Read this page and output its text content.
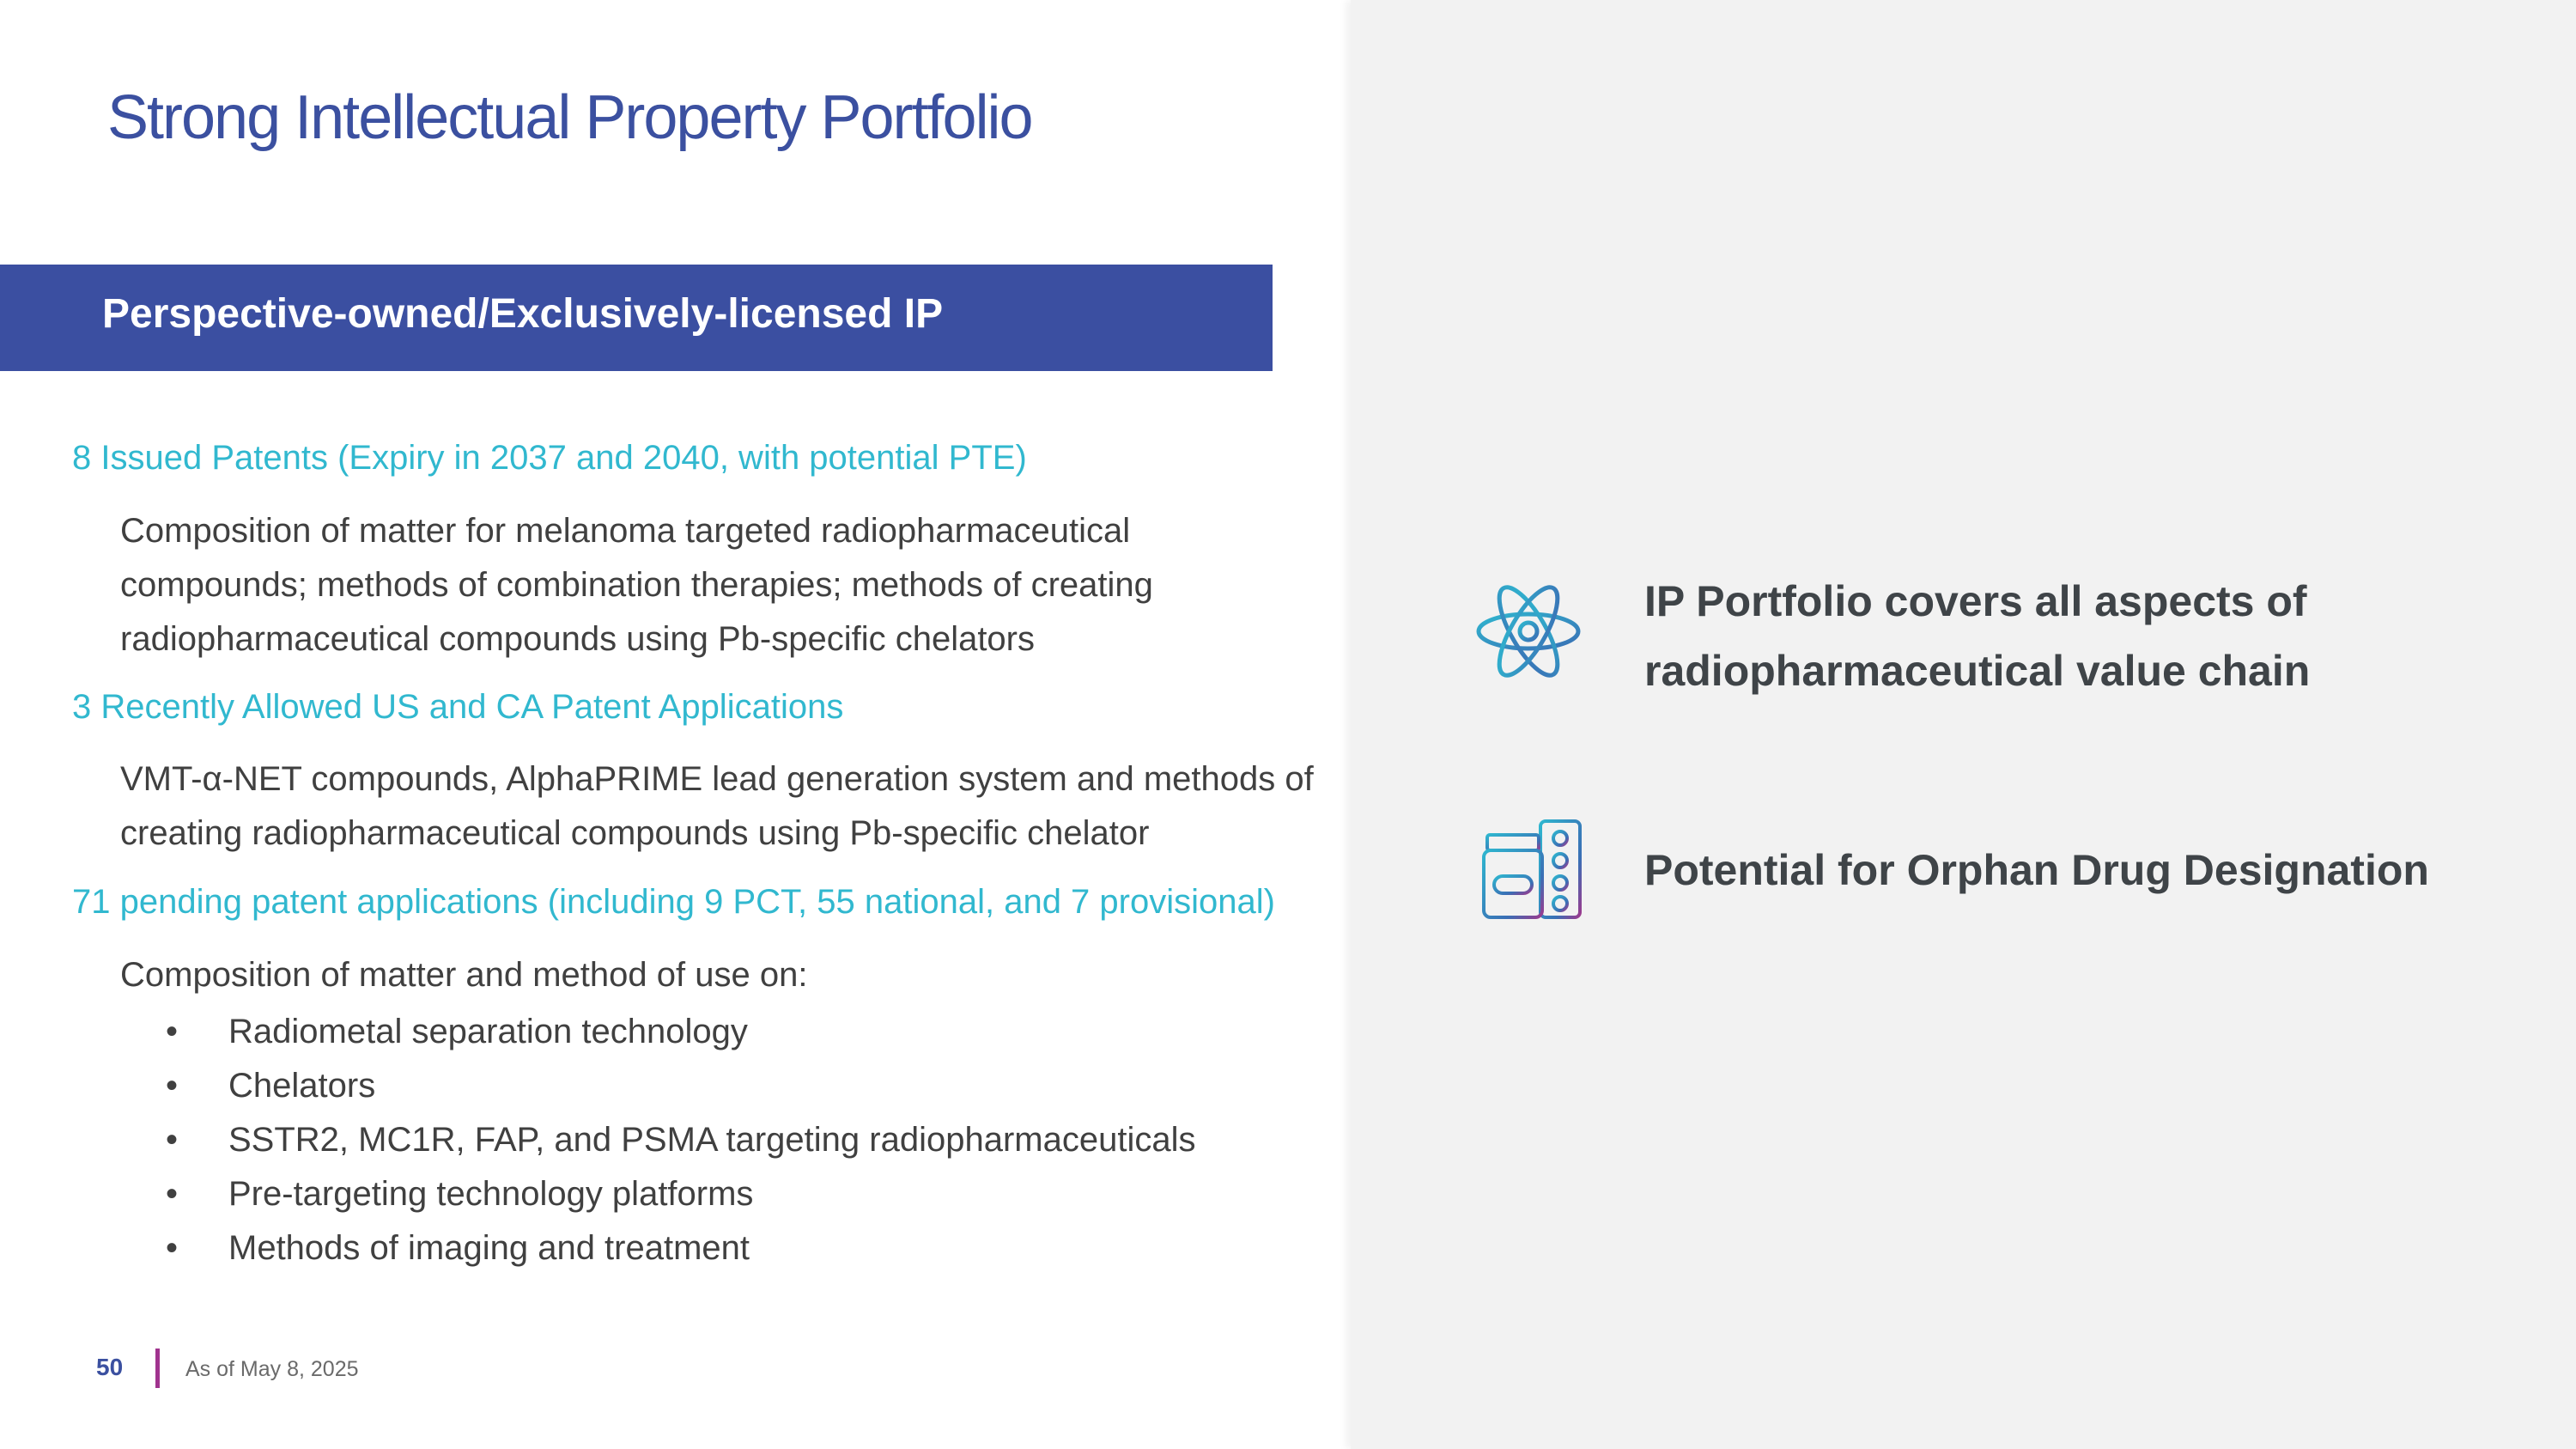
Strong Intellectual Property Portfolio
Perspective-owned/Exclusively-licensed IP
8 Issued Patents (Expiry in 2037 and 2040, with potential PTE)
Composition of matter for melanoma targeted radiopharmaceutical
compounds; methods of combination therapies; methods of creating
radiopharmaceutical compounds using Pb-specific chelators
3 Recently Allowed US and CA Patent Applications
VMT-α-NET compounds, AlphaPRIME lead generation system and methods of
creating radiopharmaceutical compounds using Pb-specific chelator
71 pending patent applications (including 9 PCT, 55 national, and 7 provisional)
Composition of matter and method of use on:
• Radiometal separation technology
• Chelators
• SSTR2, MC1R, FAP, and PSMA targeting radiopharmaceuticals
• Pre-targeting technology platforms
• Methods of imaging and treatment
IP Portfolio covers all aspects of
radiopharmaceutical value chain
Potential for Orphan Drug Designation
50	As of May 8, 2025
